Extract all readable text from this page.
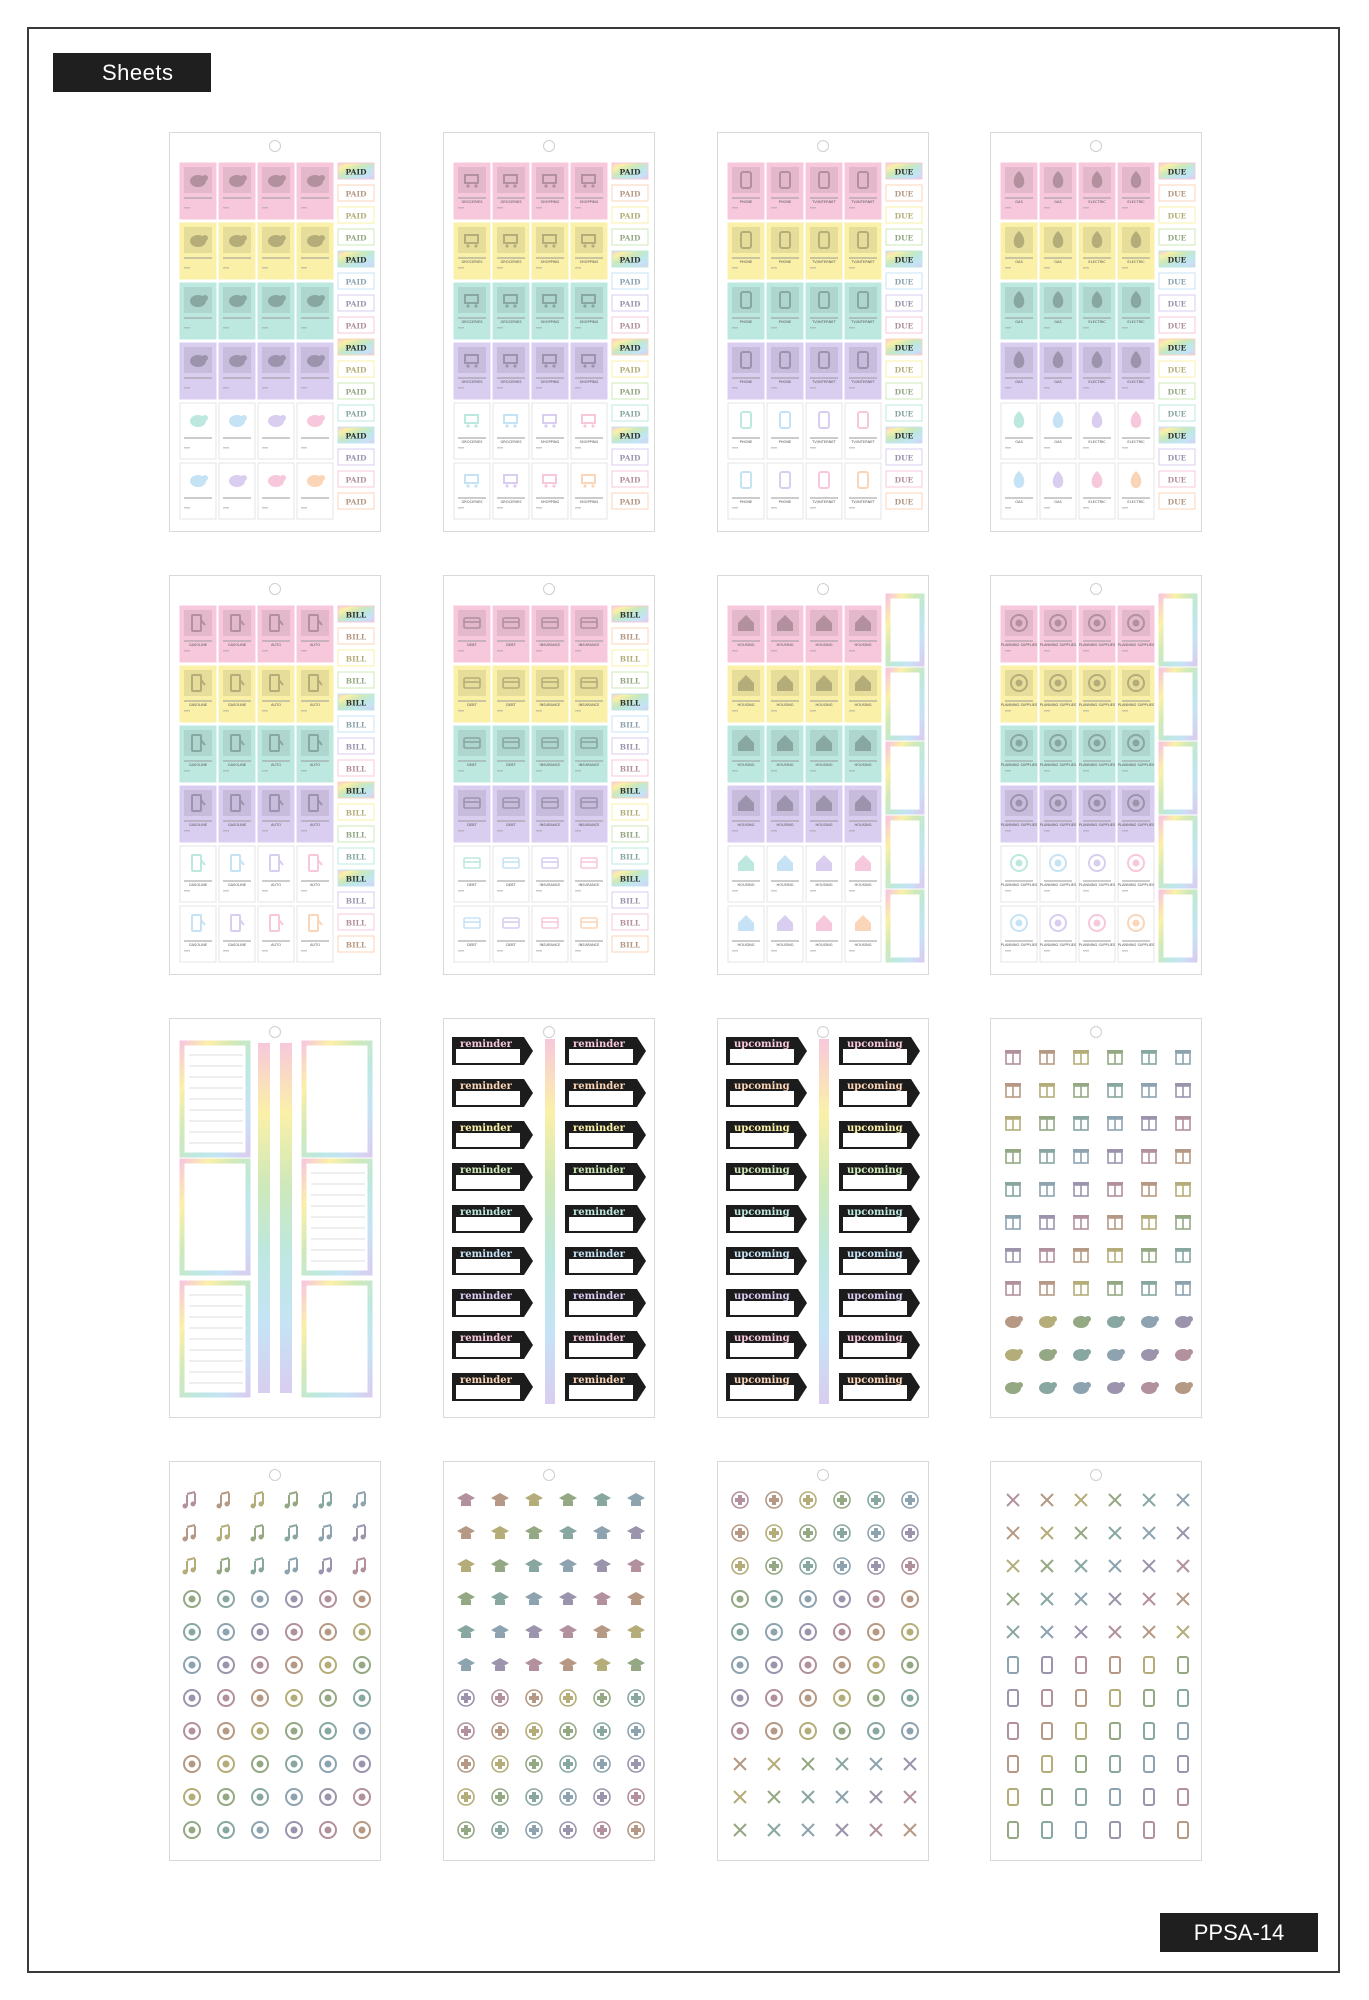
Sheets
PPSA-14
PAID
PAID
PAID
PAID
PAID
PAID
PAID
PAID
PAID
PAID
PAID
PAID
PAID
PAID
PAID
PAID
PAID
PAID
PAID
PAID
PAID
PAID
PAID
PAID
PAID
PAID
PAID
PAID
PAID
PAID
PAID
PAID
GROCERIES	GROCERIES	SHOPPING	SHOPPING
GROCERIES	GROCERIES	SHOPPING	SHOPPING
GROCERIES	GROCERIES	SHOPPING	SHOPPING
GROCERIES	GROCERIES	SHOPPING	SHOPPING
GROCERIES	GROCERIES	SHOPPING	SHOPPING
GROCERIES	GROCERIES	SHOPPING	SHOPPING
DUE
DUE
DUE
DUE
DUE
DUE
DUE
DUE
DUE
DUE
DUE
DUE
DUE
DUE
DUE
DUE
PHONE	PHONE	TV/INTERNET	TV/INTERNET
PHONE	PHONE	TV/INTERNET	TV/INTERNET
PHONE	PHONE	TV/INTERNET	TV/INTERNET
PHONE	PHONE	TV/INTERNET	TV/INTERNET
PHONE	PHONE	TV/INTERNET	TV/INTERNET
PHONE	PHONE	TV/INTERNET	TV/INTERNET
DUE
DUE
DUE
DUE
DUE
DUE
DUE
DUE
DUE
DUE
DUE
DUE
DUE
DUE
DUE
DUE
GAS	GAS	ELECTRIC	ELECTRIC
GAS	GAS	ELECTRIC	ELECTRIC
GAS	GAS	ELECTRIC	ELECTRIC
GAS	GAS	ELECTRIC	ELECTRIC
GAS	GAS	ELECTRIC	ELECTRIC
GAS	GAS	ELECTRIC	ELECTRIC
BILL
BILL
BILL
BILL
BILL
BILL
BILL
BILL
BILL
BILL
BILL
BILL
BILL
BILL
BILL
BILL
GASOLINE	GASOLINE	AUTO	AUTO
GASOLINE	GASOLINE	AUTO	AUTO
GASOLINE	GASOLINE	AUTO	AUTO
GASOLINE	GASOLINE	AUTO	AUTO
GASOLINE	GASOLINE	AUTO	AUTO
GASOLINE	GASOLINE	AUTO	AUTO
BILL
BILL
BILL
BILL
BILL
BILL
BILL
BILL
BILL
BILL
BILL
BILL
BILL
BILL
BILL
BILL
DEBT	DEBT	INSURANCE	INSURANCE
DEBT	DEBT	INSURANCE	INSURANCE
DEBT	DEBT	INSURANCE	INSURANCE
DEBT	DEBT	INSURANCE	INSURANCE
DEBT	DEBT	INSURANCE	INSURANCE
DEBT	DEBT	INSURANCE	INSURANCE
HOUSING	HOUSING	HOUSING	HOUSING
HOUSING	HOUSING	HOUSING	HOUSING
HOUSING	HOUSING	HOUSING	HOUSING
HOUSING	HOUSING	HOUSING	HOUSING
HOUSING	HOUSING	HOUSING	HOUSING
HOUSING	HOUSING	HOUSING	HOUSING
PLANNING SUPPLIES PLANNING SUPPLIES PLANNING SUPPLIES PLANNING SUPPLIES
PLANNING SUPPLIES PLANNING SUPPLIES PLANNING SUPPLIES PLANNING SUPPLIES
PLANNING SUPPLIES PLANNING SUPPLIES PLANNING SUPPLIES PLANNING SUPPLIES
PLANNING SUPPLIES PLANNING SUPPLIES PLANNING SUPPLIES PLANNING SUPPLIES
PLANNING SUPPLIES PLANNING SUPPLIES PLANNING SUPPLIES PLANNING SUPPLIES
PLANNING SUPPLIES PLANNING SUPPLIES PLANNING SUPPLIES PLANNING SUPPLIES
reminder	reminder
reminder	reminder
reminder	reminder
reminder	reminder
reminder	reminder
reminder	reminder
reminder	reminder
reminder	reminder
reminder	reminder
upcoming	upcoming
upcoming	upcoming
upcoming	upcoming
upcoming	upcoming
upcoming	upcoming
upcoming	upcoming
upcoming	upcoming
upcoming	upcoming
upcoming	upcoming
